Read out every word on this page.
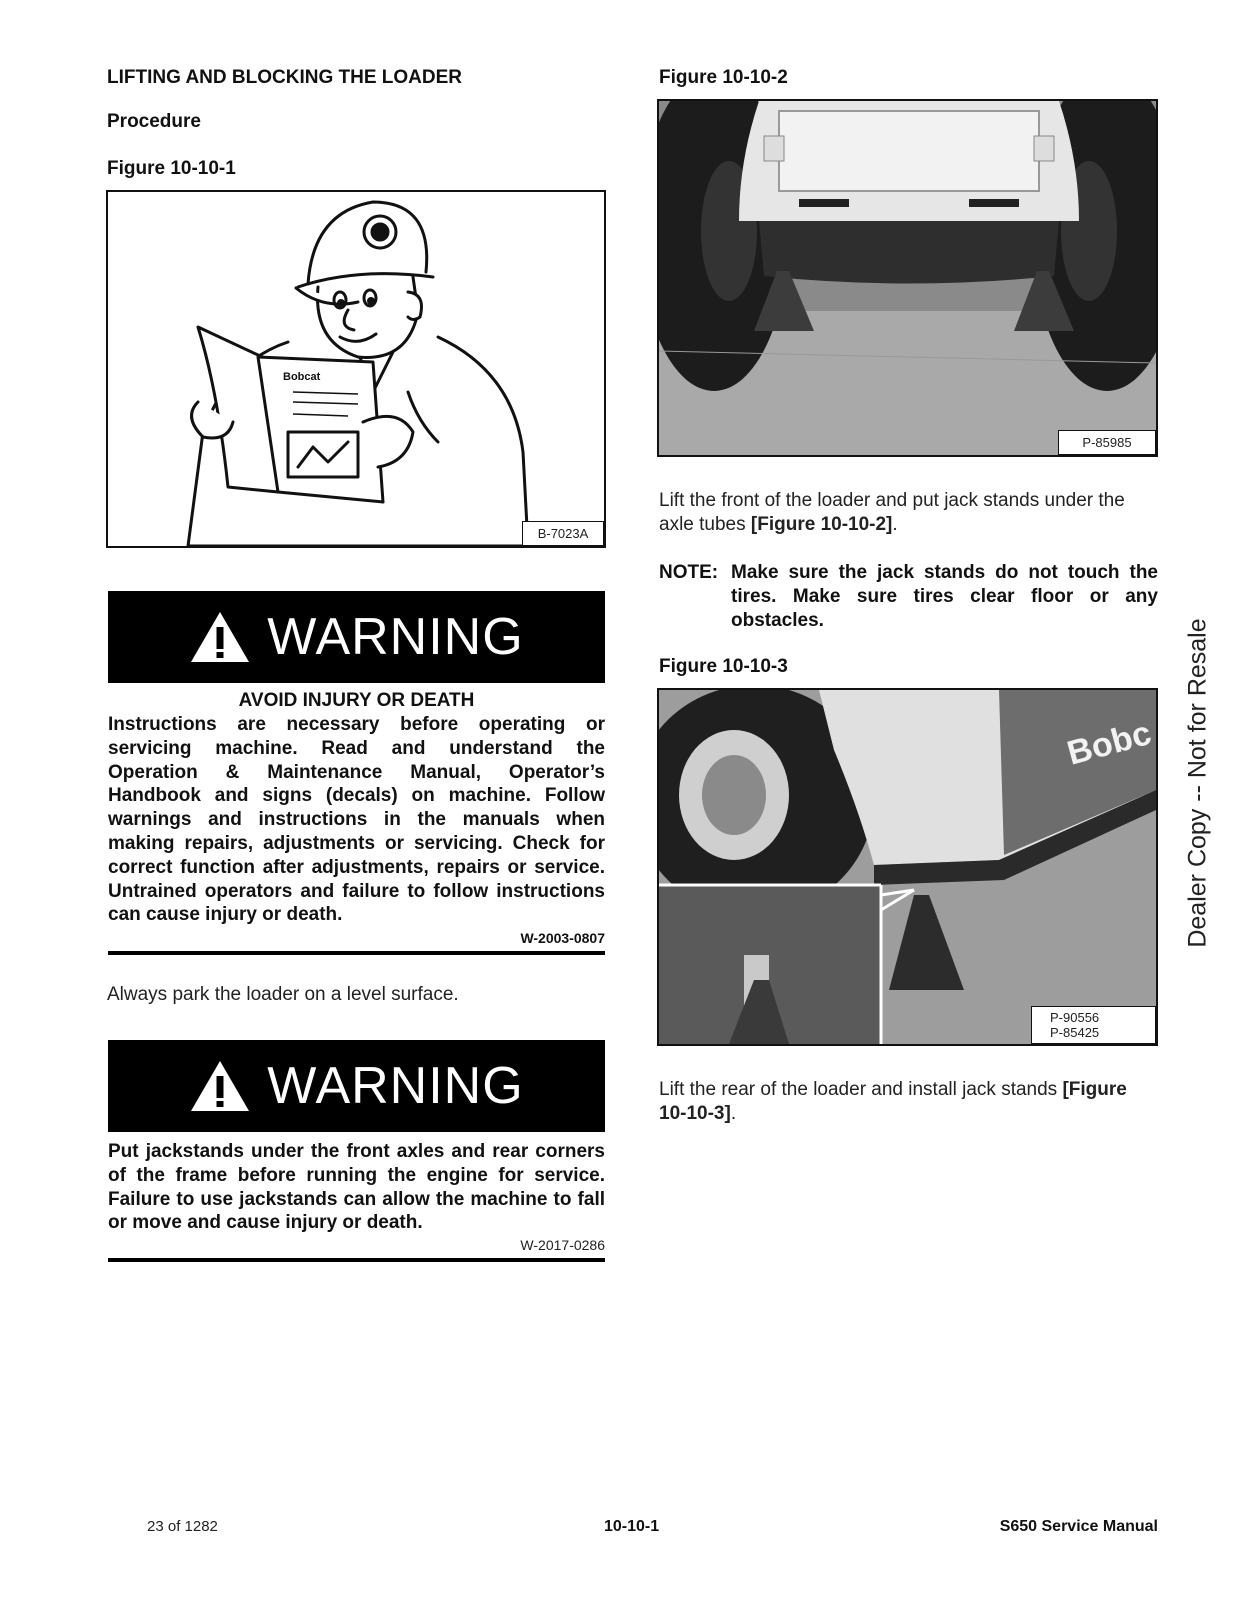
LIFTING AND BLOCKING THE LOADER
Procedure
Figure 10-10-1
Bobcat
B-7023A
WARNING
AVOID INJURY OR DEATH
Instructions are necessary before operating or servicing machine. Read and understand the Operation & Maintenance Manual, Operator’s Handbook and signs (decals) on machine. Follow warnings and instructions in the manuals when making repairs, adjustments or servicing. Check for correct function after adjustments, repairs or service. Untrained operators and failure to follow instructions can cause injury or death.
W-2003-0807
Always park the loader on a level surface.
WARNING
Put jackstands under the front axles and rear corners of the frame before running the engine for service. Failure to use jackstands can allow the machine to fall or move and cause injury or death.
W-2017-0286
Figure 10-10-2
P-85985
Lift the front of the loader and put jack stands under the axle tubes [Figure 10-10-2].
NOTE: Make sure the jack stands do not touch the tires. Make sure tires clear floor or any obstacles.
Figure 10-10-3
Bobc
P-90556
P-85425
Lift the rear of the loader and install jack stands [Figure 10-10-3].
Dealer Copy -- Not for Resale
23 of 1282	10-10-1	S650 Service Manual
